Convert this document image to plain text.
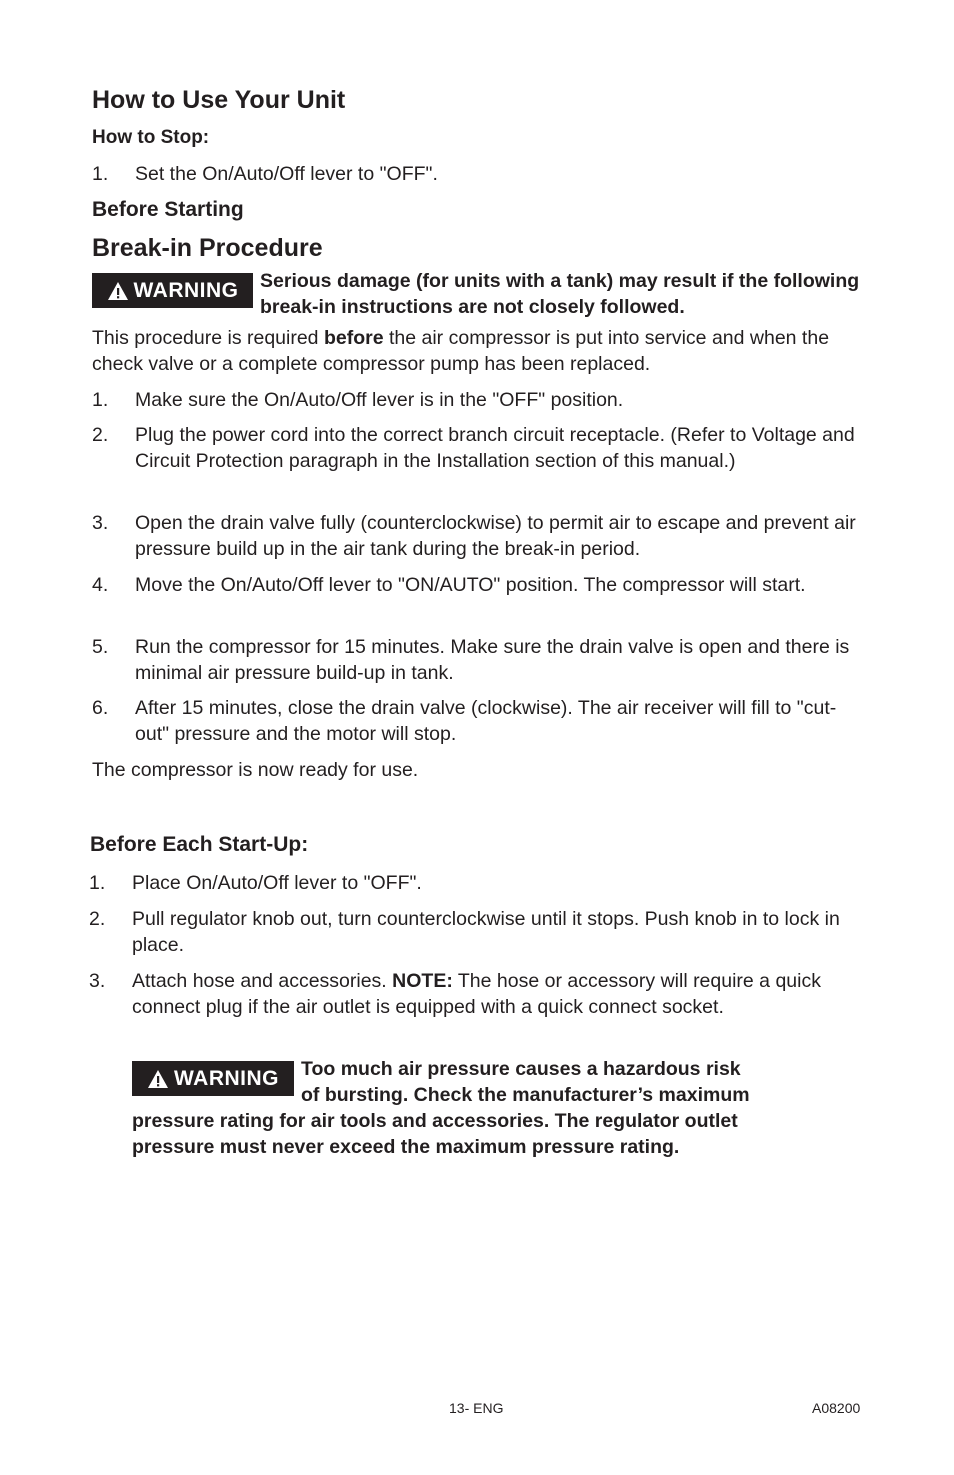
How to Use Your Unit
How to Stop:
1. Set the On/Auto/Off lever to "OFF".
Before Starting
Break-in Procedure
WARNING Serious damage (for units with a tank) may result if the following break-in instructions are not closely followed.
This procedure is required before the air compressor is put into service and when the check valve or a complete compressor pump has been replaced.
1. Make sure the On/Auto/Off lever is in the "OFF" position.
2. Plug the power cord into the correct branch circuit receptacle. (Refer to Voltage and Circuit Protection paragraph in the Installation section of this manual.)
3. Open the drain valve fully (counterclockwise) to permit air to escape and prevent air pressure build up in the air tank during the break-in period.
4. Move the On/Auto/Off lever to "ON/AUTO" position. The compressor will start.
5. Run the compressor for 15 minutes. Make sure the drain valve is open and there is minimal air pressure build-up in tank.
6. After 15 minutes, close the drain valve (clockwise). The air receiver will fill to "cut-out" pressure and the motor will stop.
The compressor is now ready for use.
Before Each Start-Up:
1. Place On/Auto/Off lever to "OFF".
2. Pull regulator knob out, turn counterclockwise until it stops. Push knob in to lock in place.
3. Attach hose and accessories. NOTE: The hose or accessory will require a quick connect plug if the air outlet is equipped with a quick connect socket.
WARNING Too much air pressure causes a hazardous risk
of bursting. Check the manufacturer’s maximum
pressure rating for air tools and accessories. The regulator outlet
pressure must never exceed the maximum pressure rating.
13- ENG	A08200
